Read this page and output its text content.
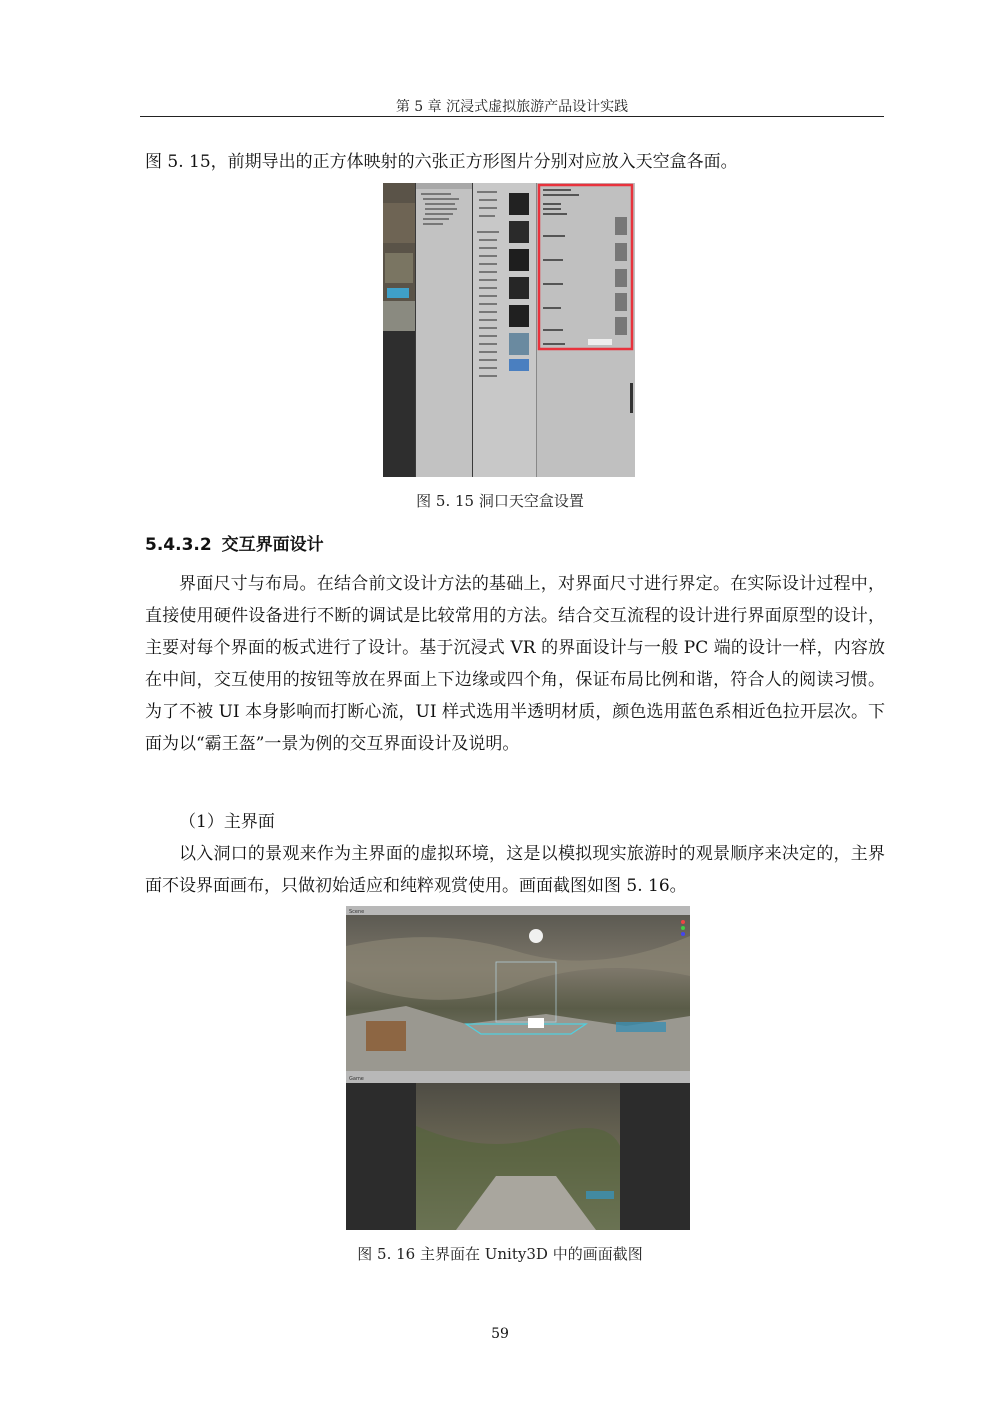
第 5 章 沉浸式虚拟旅游产品设计实践
图 5. 15，前期导出的正方体映射的六张正方形图片分别对应放入天空盒各面。
图 5. 15 洞口天空盒设置
5.4.3.2 交互界面设计
界面尺寸与布局。在结合前文设计方法的基础上，对界面尺寸进行界定。在实际设计过程中，直接使用硬件设备进行不断的调试是比较常用的方法。结合交互流程的设计进行界面原型的设计，主要对每个界面的板式进行了设计。基于沉浸式 VR 的界面设计与一般 PC 端的设计一样，内容放在中间，交互使用的按钮等放在界面上下边缘或四个角，保证布局比例和谐，符合人的阅读习惯。为了不被 UI 本身影响而打断心流，UI 样式选用半透明材质，颜色选用蓝色系相近色拉开层次。下面为以“霸王盔”一景为例的交互界面设计及说明。
（1）主界面
以入洞口的景观来作为主界面的虚拟环境，这是以模拟现实旅游时的观景顺序来决定的，主界面不设界面画布，只做初始适应和纯粹观赏使用。画面截图如图 5. 16。
Scene
Game
图 5. 16 主界面在 Unity3D 中的画面截图
59
